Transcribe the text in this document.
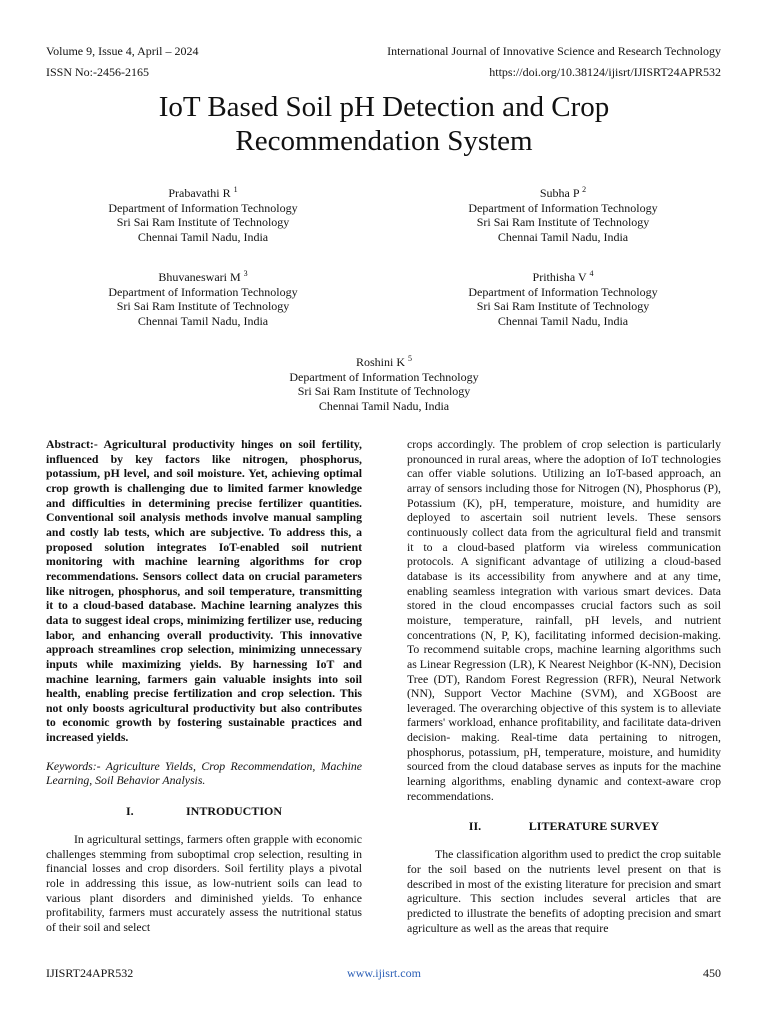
Volume 9, Issue 4, April – 2024	International Journal of Innovative Science and Research Technology
ISSN No:-2456-2165	https://doi.org/10.38124/ijisrt/IJISRT24APR532
IoT Based Soil pH Detection and Crop
Recommendation System
Prabavathi R $^1$
Department of Information Technology
Sri Sai Ram Institute of Technology
Chennai Tamil Nadu, India
Subha P $^2$
Department of Information Technology
Sri Sai Ram Institute of Technology
Chennai Tamil Nadu, India
Bhuvaneswari M $^3$
Department of Information Technology
Sri Sai Ram Institute of Technology
Chennai Tamil Nadu, India
Prithisha V $^4$
Department of Information Technology
Sri Sai Ram Institute of Technology
Chennai Tamil Nadu, India
Roshini K $^5$
Department of Information Technology
Sri Sai Ram Institute of Technology
Chennai Tamil Nadu, India

Abstract:- Agricultural productivity hinges on soil fertility, influenced by key factors like nitrogen, phosphorus, potassium, pH level, and soil moisture. Yet, achieving optimal crop growth is challenging due to limited farmer knowledge and difficulties in determining precise fertilizer quantities. Conventional soil analysis methods involve manual sampling and costly lab tests, which are subjective. To address this, a proposed solution integrates IoT-enabled soil nutrient monitoring with machine learning algorithms for crop recommendations. Sensors collect data on crucial parameters like nitrogen, phosphorus, and soil temperature, transmitting it to a cloud-based database. Machine learning analyzes this data to suggest ideal crops, minimizing fertilizer use, reducing labor, and enhancing overall productivity. This innovative approach streamlines crop selection, minimizing unnecessary inputs while maximizing yields. By harnessing IoT and machine learning, farmers gain valuable insights into soil health, enabling precise fertilization and crop selection. This not only boosts agricultural productivity but also contributes to economic growth by fostering sustainable practices and increased yields.

Keywords:- Agriculture Yields, Crop Recommendation, Machine Learning, Soil Behavior Analysis.

I.	INTRODUCTION

In agricultural settings, farmers often grapple with economic challenges stemming from suboptimal crop selection, resulting in financial losses and crop disorders. Soil fertility plays a pivotal role in addressing this issue, as low-nutrient soils can lead to various plant disorders and diminished yields. To enhance profitability, farmers must accurately assess the nutritional status of their soil and select

crops accordingly. The problem of crop selection is particularly pronounced in rural areas, where the adoption of IoT technologies can offer viable solutions. Utilizing an IoT-based approach, an array of sensors including those for Nitrogen (N), Phosphorus (P), Potassium (K), pH, temperature, moisture, and humidity are deployed to ascertain soil nutrient levels. These sensors continuously collect data from the agricultural field and transmit it to a cloud-based platform via wireless communication protocols. A significant advantage of utilizing a cloud-based database is its accessibility from anywhere and at any time, enabling seamless integration with various smart devices. Data stored in the cloud encompasses crucial factors such as soil moisture, temperature, rainfall, pH levels, and nutrient concentrations (N, P, K), facilitating informed decision-making. To recommend suitable crops, machine learning algorithms such as Linear Regression (LR), K Nearest Neighbor (K-NN), Decision Tree (DT), Random Forest Regression (RFR), Neural Network (NN), Support Vector Machine (SVM), and XGBoost are leveraged. The overarching objective of this system is to alleviate farmers' workload, enhance profitability, and facilitate data-driven decision- making. Real-time data pertaining to nitrogen, phosphorus, potassium, pH, temperature, moisture, and humidity sourced from the cloud database serves as inputs for the machine learning algorithms, enabling dynamic and context-aware crop recommendations.

II.	LITERATURE SURVEY

The classification algorithm used to predict the crop suitable for the soil based on the nutrients level present on that is described in most of the existing literature for precision and smart agriculture. This section includes several articles that are predicted to illustrate the benefits of adopting precision and smart agriculture as well as the areas that require

IJISRT24APR532	www.ijisrt.com	450
